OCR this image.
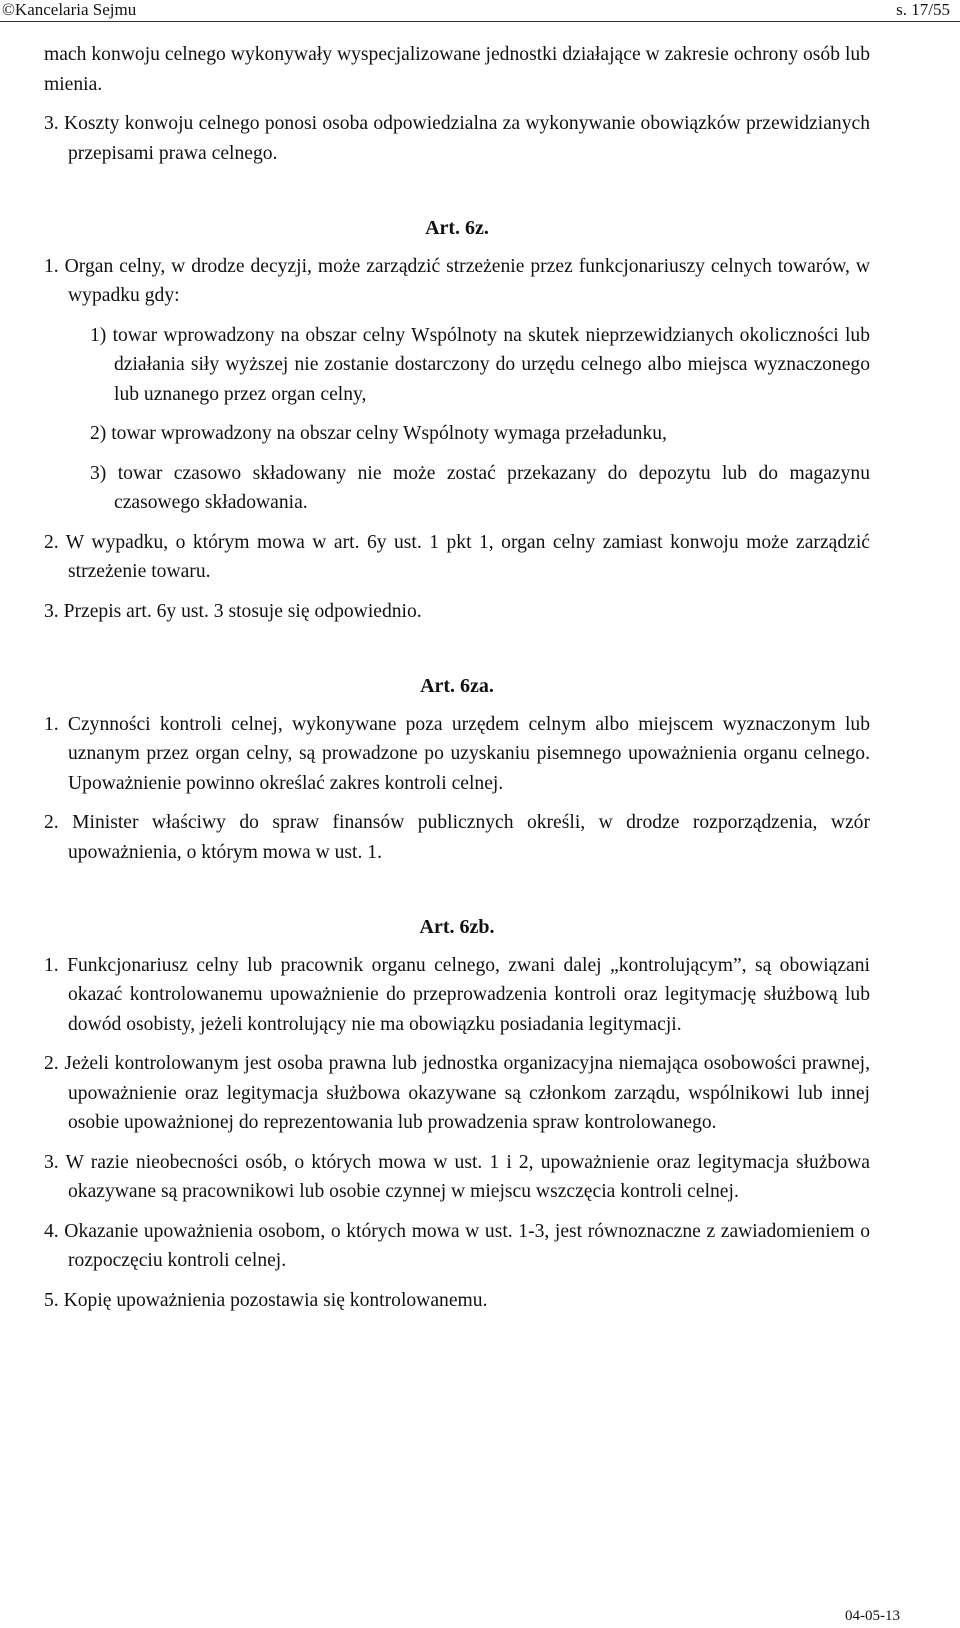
©Kancelaria Sejmu	s. 17/55

mach konwoju celnego wykonywały wyspecjalizowane jednostki działające w zakresie ochrony osób lub mienia.

3. Koszty konwoju celnego ponosi osoba odpowiedzialna za wykonywanie obowiązków przewidzianych przepisami prawa celnego.

Art. 6z.

1. Organ celny, w drodze decyzji, może zarządzić strzeżenie przez funkcjonariuszy celnych towarów, w wypadku gdy:

1) towar wprowadzony na obszar celny Wspólnoty na skutek nieprzewidzianych okoliczności lub działania siły wyższej nie zostanie dostarczony do urzędu celnego albo miejsca wyznaczonego lub uznanego przez organ celny,

2) towar wprowadzony na obszar celny Wspólnoty wymaga przeładunku,

3) towar czasowo składowany nie może zostać przekazany do depozytu lub do magazynu czasowego składowania.

2. W wypadku, o którym mowa w art. 6y ust. 1 pkt 1, organ celny zamiast konwoju może zarządzić strzeżenie towaru.

3. Przepis art. 6y ust. 3 stosuje się odpowiednio.

Art. 6za.

1. Czynności kontroli celnej, wykonywane poza urzędem celnym albo miejscem wyznaczonym lub uznanym przez organ celny, są prowadzone po uzyskaniu pisemnego upoważnienia organu celnego. Upoważnienie powinno określać zakres kontroli celnej.

2. Minister właściwy do spraw finansów publicznych określi, w drodze rozporządzenia, wzór upoważnienia, o którym mowa w ust. 1.

Art. 6zb.

1. Funkcjonariusz celny lub pracownik organu celnego, zwani dalej „kontrolującym”, są obowiązani okazać kontrolowanemu upoważnienie do przeprowadzenia kontroli oraz legitymację służbową lub dowód osobisty, jeżeli kontrolujący nie ma obowiązku posiadania legitymacji.

2. Jeżeli kontrolowanym jest osoba prawna lub jednostka organizacyjna niemająca osobowości prawnej, upoważnienie oraz legitymacja służbowa okazywane są członkom zarządu, wspólnikowi lub innej osobie upoważnionej do reprezentowania lub prowadzenia spraw kontrolowanego.

3. W razie nieobecności osób, o których mowa w ust. 1 i 2, upoważnienie oraz legitymacja służbowa okazywane są pracownikowi lub osobie czynnej w miejscu wszczęcia kontroli celnej.

4. Okazanie upoważnienia osobom, o których mowa w ust. 1-3, jest równoznaczne z zawiadomieniem o rozpoczęciu kontroli celnej.

5. Kopię upoważnienia pozostawia się kontrolowanemu.

04-05-13
